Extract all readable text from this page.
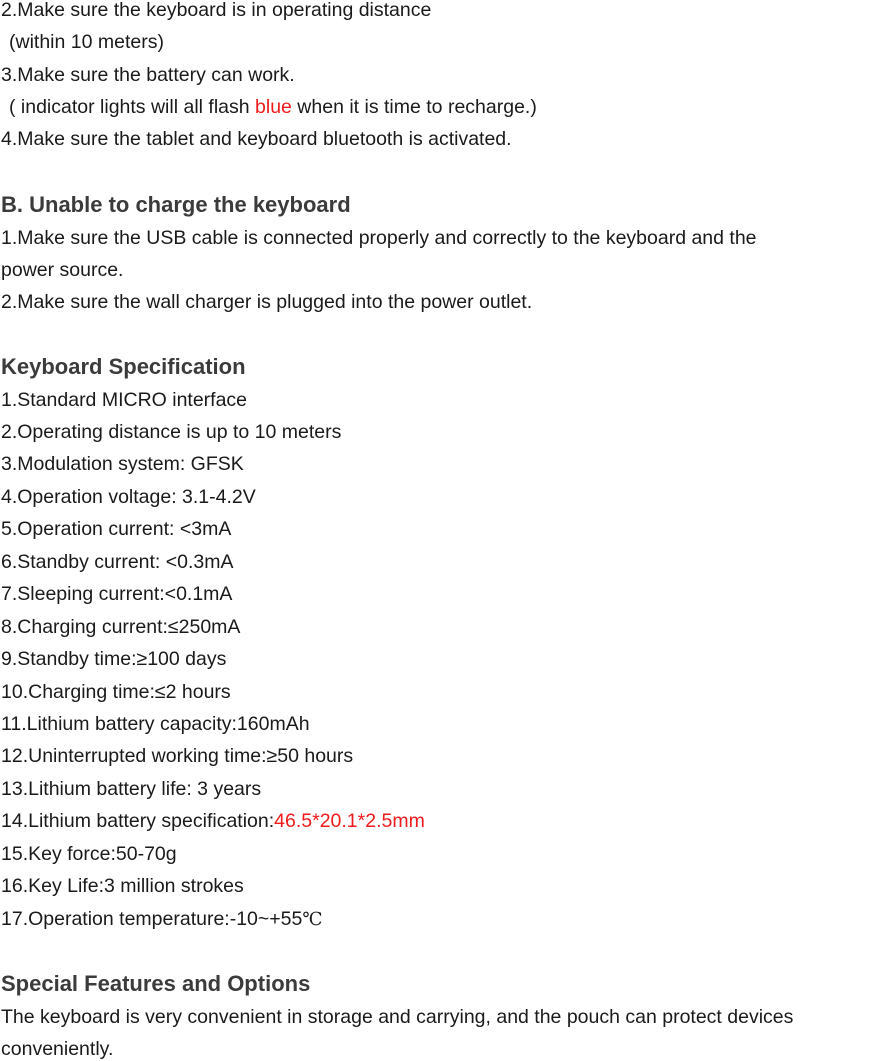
2.Make sure the keyboard is in operating distance
(within 10 meters)
3.Make sure the battery can work.
( indicator lights will all flash blue when it is time to recharge.)
4.Make sure the tablet and keyboard bluetooth is activated.
B. Unable to charge the keyboard
1.Make sure the USB cable is connected properly and correctly to the keyboard and the
power source.
2.Make sure the wall charger is plugged into the power outlet.
Keyboard Specification
1.Standard MICRO interface
2.Operating distance is up to 10 meters
3.Modulation system: GFSK
4.Operation voltage: 3.1-4.2V
5.Operation current: <3mA
6.Standby current: <0.3mA
7.Sleeping current:<0.1mA
8.Charging current:≤250mA
9.Standby time:≥100 days
10.Charging time:≤2 hours
11.Lithium battery capacity:160mAh
12.Uninterrupted working time:≥50 hours
13.Lithium battery life: 3 years
14.Lithium battery specification:46.5*20.1*2.5mm
15.Key force:50-70g
16.Key Life:3 million strokes
17.Operation temperature:-10~+55℃
Special Features and Options
The keyboard is very convenient in storage and carrying, and the pouch can protect devices
conveniently.
